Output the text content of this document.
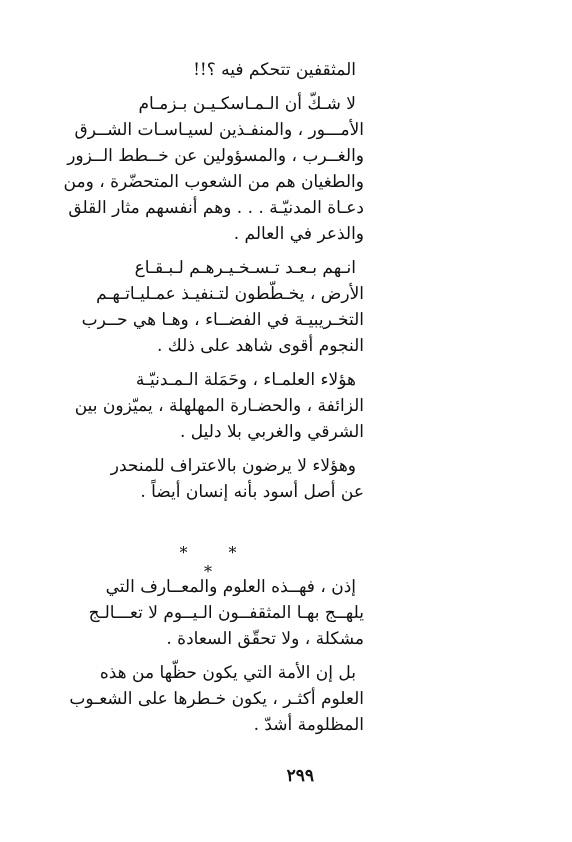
المثقفين تتحكم فيه ؟!!
لا شـكّ أن الـمـاسكـيـن بـزمـام
الأمـــور ، والمنفـذين لسيـاسـات الشــرق
والغــرب ، والمسؤولين عن خــطط الــزور
والطغيان هم من الشعوب المتحضّرة ، ومن
دعـاة المدنيّـة . . . وهم أنفسهم مثار القلق
والذعر في العالم .
انـهم بـعـد تـسـخـيـرهـم لـبـقـاع
الأرض ، يخـطّطون لتـنفيـذ عمـليـاتـهـم
التخـريبيـة في الفضــاء ، وهـا هي حــرب
النجوم أقوى شاهد على ذلك .
هؤلاء العلمـاء ، وحَمَلة الـمـدنيّـة
الزائفة ، والحضـارة المهلهلة ، يميّزون بين
الشرقي والغربي بلا دليل .
وهؤلاء لا يرضون بالاعتراف للمنحدر
عن أصل أسود بأنه إنسان أيضاً .
* * *
إذن ، فهــذه العلوم والمعــارف التي
يلهــج بهـا المثقفــون الـيــوم لا تعـــالـج
مشكلة ، ولا تحقّق السعادة .
بل إن الأمة التي يكون حظّها من هذه
العلوم أكثـر ، يكون خـطرها على الشعـوب
المظلومة أشدّ .
٢٩٩
